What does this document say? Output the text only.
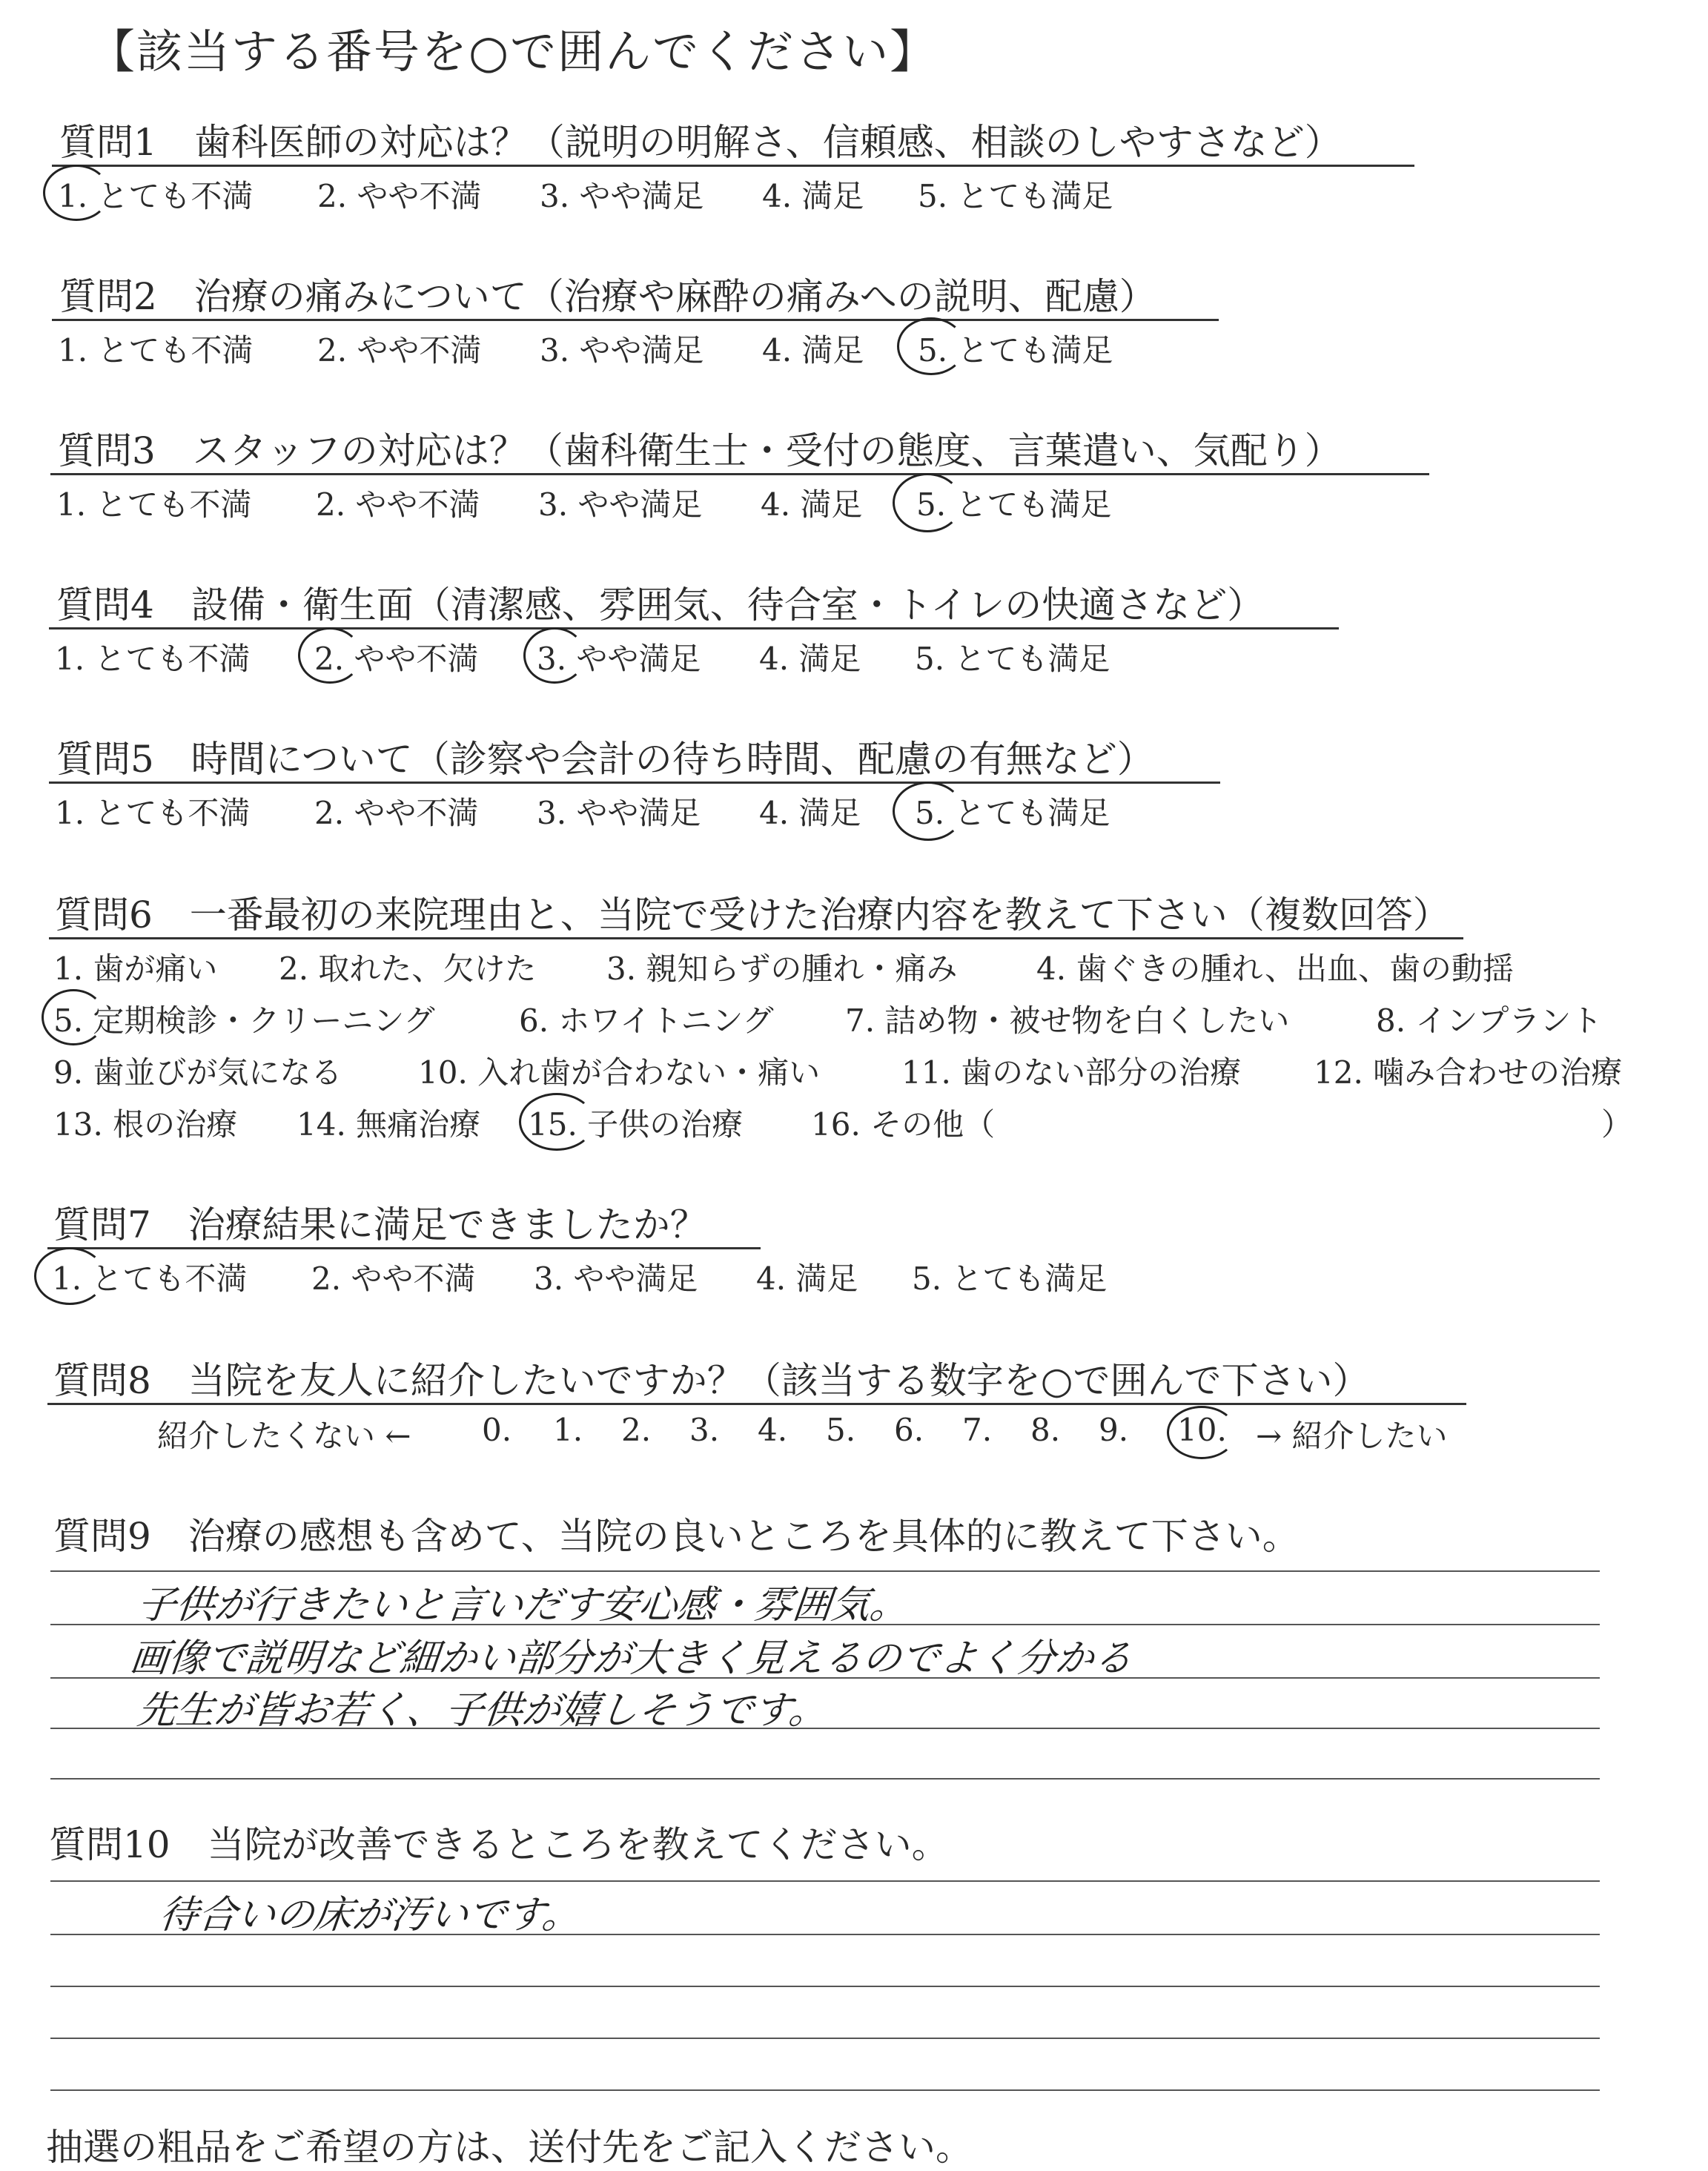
【該当する番号を○で囲んでください】
質問1　歯科医師の対応は？（説明の明解さ、信頼感、相談のしやすさなど）
1. とても不満 2. やや不満 3. やや満足 4. 満足 5. とても満足
質問2　治療の痛みについて（治療や麻酔の痛みへの説明、配慮）
1. とても不満 2. やや不満 3. やや満足 4. 満足 5. とても満足
質問3　スタッフの対応は？（歯科衛生士・受付の態度、言葉遣い、気配り）
1. とても不満 2. やや不満 3. やや満足 4. 満足 5. とても満足
質問4　設備・衛生面（清潔感、雰囲気、待合室・トイレの快適さなど）
1. とても不満 2. やや不満 3. やや満足 4. 満足 5. とても満足
質問5　時間について（診察や会計の待ち時間、配慮の有無など）
1. とても不満 2. やや不満 3. やや満足 4. 満足 5. とても満足
質問6　一番最初の来院理由と、当院で受けた治療内容を教えて下さい（複数回答）
1. 歯が痛い 2. 取れた、欠けた 3. 親知らずの腫れ・痛み	4. 歯ぐきの腫れ、出血、歯の動揺
5. 定期検診・クリーニング	6. ホワイトニング 7. 詰め物・被せ物を白くしたい	8. インプラント
9. 歯並びが気になる 10. 入れ歯が合わない・痛い	11. 歯のない部分の治療 12. 噛み合わせの治療
13. 根の治療 14. 無痛治療 15. 子供の治療 16. その他（	）
質問7　治療結果に満足できましたか？
1. とても不満 2. やや不満 3. やや満足 4. 満足 5. とても満足
質問8　当院を友人に紹介したいですか？（該当する数字を○で囲んで下さい）
紹介したくない ← 0. 1. 2. 3. 4. 5. 6. 7. 8. 9. 10. → 紹介したい
質問9　治療の感想も含めて、当院の良いところを具体的に教えて下さい。
子供が行きたいと言いだす安心感・雰囲気。
画像で説明など細かい部分が大きく見えるのでよく分かる
先生が皆お若く、子供が嬉しそうです。
質問10　当院が改善できるところを教えてください。
待合いの床が汚いです。
抽選の粗品をご希望の方は、送付先をご記入ください。
